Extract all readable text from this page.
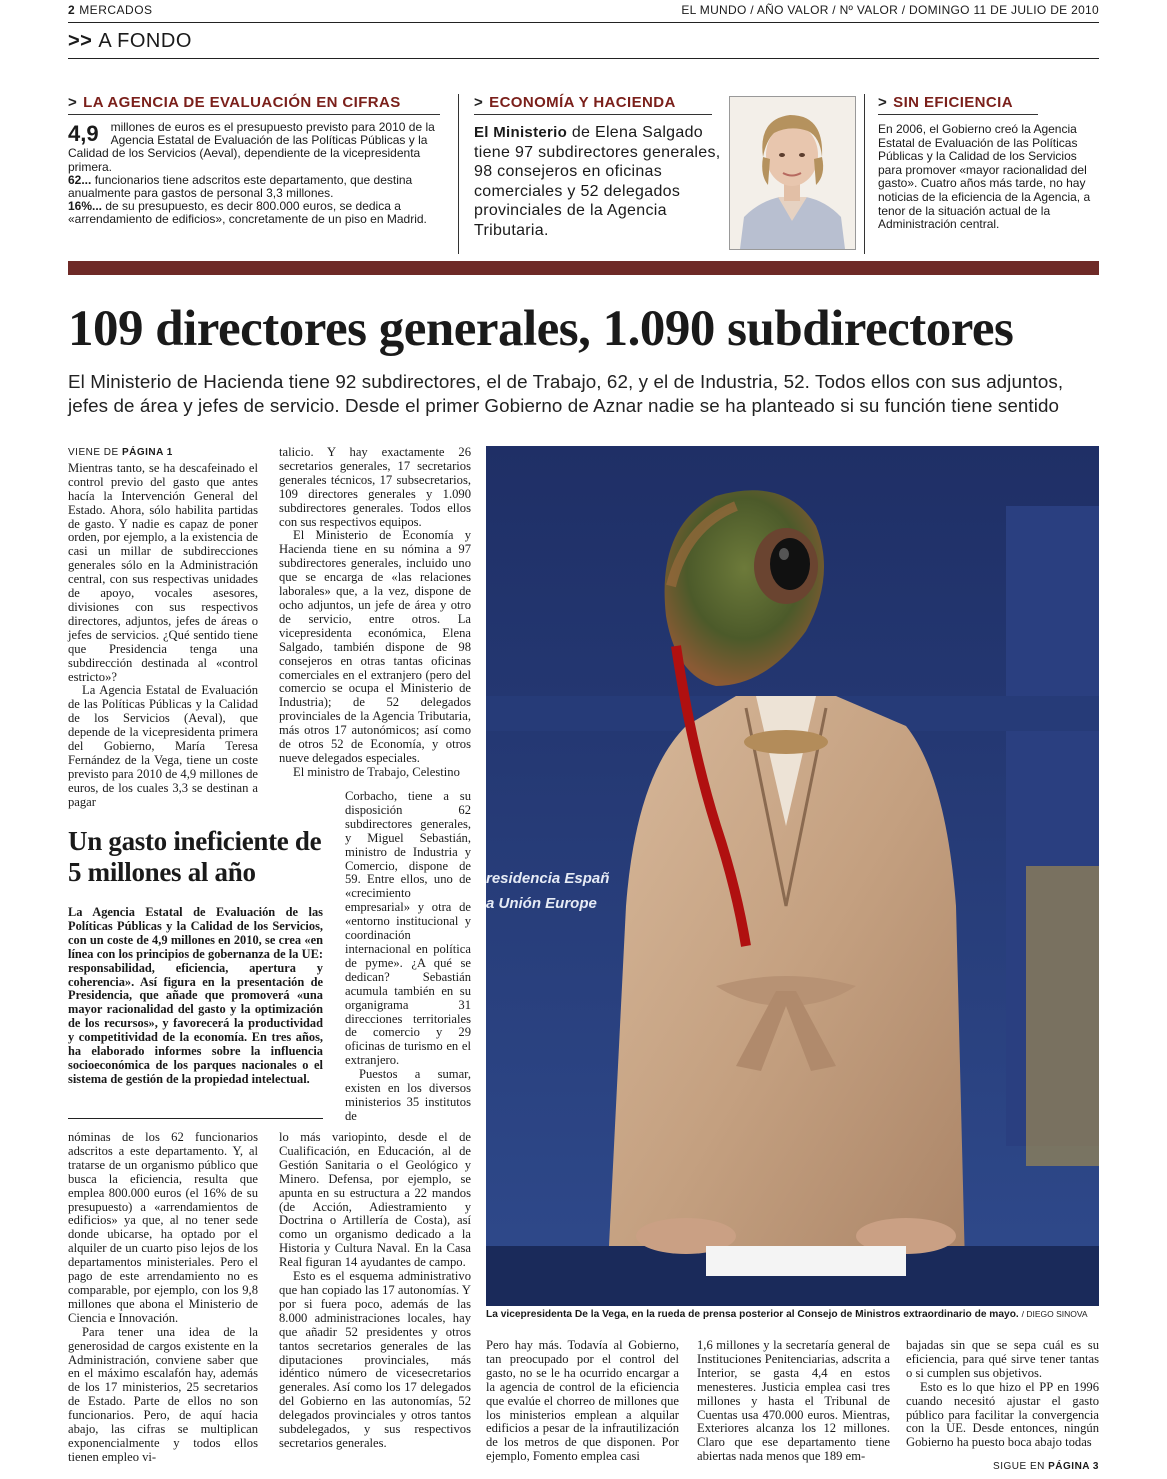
2 MERCADOS	EL MUNDO / AÑO VALOR / Nº VALOR / DOMINGO 11 DE JULIO DE 2010
>> A FONDO
> LA AGENCIA DE EVALUACIÓN EN CIFRAS

4,9 millones de euros es el presupuesto previsto para 2010 de la Agencia Estatal de Evaluación de las Políticas Públicas y la Calidad de los Servicios (Aeval), dependiente de la vicepresidenta primera.

62... funcionarios tiene adscritos este departamento, que destina anualmente para gastos de personal 3,3 millones.

16%... de su presupuesto, es decir 800.000 euros, se dedica a «arrendamiento de edificios», concretamente de un piso en Madrid.

> ECONOMÍA Y HACIENDA
El Ministerio de Elena Salgado tiene 97 subdirectores generales, 98 consejeros en oficinas comerciales y 52 delegados provinciales de la Agencia Tributaria.
> SIN EFICIENCIA

En 2006, el Gobierno creó la Agencia Estatal de Evaluación de las Políticas Públicas y la Calidad de los Servicios para promover «mayor racionalidad del gasto». Cuatro años más tarde, no hay noticias de la eficiencia de la Agencia, a tenor de la situación actual de la Administración central.

109 directores generales, 1.090 subdirectores
El Ministerio de Hacienda tiene 92 subdirectores, el de Trabajo, 62, y el de Industria, 52. Todos ellos con sus adjuntos, jefes de área y jefes de servicio. Desde el primer Gobierno de Aznar nadie se ha planteado si su función tiene sentido
VIENE DE PÁGINA 1

Mientras tanto, se ha descafeinado el control previo del gasto que antes hacía la Intervención General del Estado. Ahora, sólo habilita partidas de gasto. Y nadie es capaz de poner orden, por ejemplo, a la existencia de casi un millar de subdirecciones generales sólo en la Administración central, con sus respectivas unidades de apoyo, vocales asesores, divisiones con sus respectivos directores, adjuntos, jefes de áreas o jefes de servicios. ¿Qué sentido tiene que Presidencia tenga una subdirección destinada al «control estricto»?

La Agencia Estatal de Evaluación de las Políticas Públicas y la Calidad de los Servicios (Aeval), que depende de la vicepresidenta primera del Gobierno, María Teresa Fernández de la Vega, tiene un coste previsto para 2010 de 4,9 millones de euros, de los cuales 3,3 se destinan a pagar

Un gasto ineficiente de 5 millones al año
La Agencia Estatal de Evaluación de las Políticas Públicas y la Calidad de los Servicios, con un coste de 4,9 millones en 2010, se crea «en línea con los principios de gobernanza de la UE: responsabilidad, eficiencia, apertura y coherencia». Así figura en la presentación de Presidencia, que añade que promoverá «una mayor racionalidad del gasto y la optimización de los recursos», y favorecerá la productividad y competitividad de la economía. En tres años, ha elaborado informes sobre la influencia socioeconómica de los parques nacionales o el sistema de gestión de la propiedad intelectual.

nóminas de los 62 funcionarios adscritos a este departamento. Y, al tratarse de un organismo público que busca la eficiencia, resulta que emplea 800.000 euros (el 16% de su presupuesto) a «arrendamientos de edificios» ya que, al no tener sede donde ubicarse, ha optado por el alquiler de un cuarto piso lejos de los departamentos ministeriales. Pero el pago de este arrendamiento no es comparable, por ejemplo, con los 9,8 millones que abona el Ministerio de Ciencia e Innovación.

Para tener una idea de la generosidad de cargos existente en la Administración, conviene saber que en el máximo escalafón hay, además de los 17 ministerios, 25 secretarios de Estado. Parte de ellos no son funcionarios. Pero, de aquí hacia abajo, las cifras se multiplican exponencialmente y todos ellos tienen empleo vi-

talicio. Y hay exactamente 26 secretarios generales, 17 secretarios generales técnicos, 17 subsecretarios, 109 directores generales y 1.090 subdirectores generales. Todos ellos con sus respectivos equipos.

El Ministerio de Economía y Hacienda tiene en su nómina a 97 subdirectores generales, incluido uno que se encarga de «las relaciones laborales» que, a la vez, dispone de ocho adjuntos, un jefe de área y otro de servicio, entre otros. La vicepresidenta económica, Elena Salgado, también dispone de 98 consejeros en otras tantas oficinas comerciales en el extranjero (pero del comercio se ocupa el Ministerio de Industria); de 52 delegados provinciales de la Agencia Tributaria, más otros 17 autonómicos; así como de otros 52 de Economía, y otros nueve delegados especiales.

El ministro de Trabajo, Celestino

Corbacho, tiene a su disposición 62 subdirectores generales, y Miguel Sebastián, ministro de Industria y Comercio, dispone de 59. Entre ellos, uno de «crecimiento empresarial» y otra de «entorno institucional y coordinación internacional en política de pyme». ¿A qué se dedican? Sebastián acumula también en su organigrama 31 direcciones territoriales de comercio y 29 oficinas de turismo en el extranjero.

Puestos a sumar, existen en los diversos ministerios 35 institutos de

lo más variopinto, desde el de Cualificación, en Educación, al de Gestión Sanitaria o el Geológico y Minero. Defensa, por ejemplo, se apunta en su estructura a 22 mandos (de Acción, Adiestramiento y Doctrina o Artillería de Costa), así como un organismo dedicado a la Historia y Cultura Naval. En la Casa Real figuran 14 ayudantes de campo.

Esto es el esquema administrativo que han copiado las 17 autonomías. Y por si fuera poco, además de las 8.000 administraciones locales, hay que añadir 52 presidentes y otros tantos secretarios generales de las diputaciones provinciales, más idéntico número de vicesecretarios generales. Así como los 17 delegados del Gobierno en las autonomías, 52 delegados provinciales y otros tantos subdelegados, y sus respectivos secretarios generales.

residencia Españ
a Unión Europe
La vicepresidenta De la Vega, en la rueda de prensa posterior al Consejo de Ministros extraordinario de mayo. / DIEGO SINOVA

Pero hay más. Todavía al Gobierno, tan preocupado por el control del gasto, no se le ha ocurrido encargar a la agencia de control de la eficiencia que evalúe el chorreo de millones que los ministerios emplean a alquilar edificios a pesar de la infrautilización de los metros de que disponen. Por ejemplo, Fomento emplea casi

1,6 millones y la secretaría general de Instituciones Penitenciarias, adscrita a Interior, se gasta 4,4 en estos menesteres. Justicia emplea casi tres millones y hasta el Tribunal de Cuentas usa 470.000 euros. Mientras, Exteriores alcanza los 12 millones. Claro que ese departamento tiene abiertas nada menos que 189 em-

bajadas sin que se sepa cuál es su eficiencia, para qué sirve tener tantas o si cumplen sus objetivos.

Esto es lo que hizo el PP en 1996 cuando necesitó ajustar el gasto público para facilitar la convergencia con la UE. Desde entonces, ningún Gobierno ha puesto boca abajo todas

SIGUE EN PÁGINA 3
